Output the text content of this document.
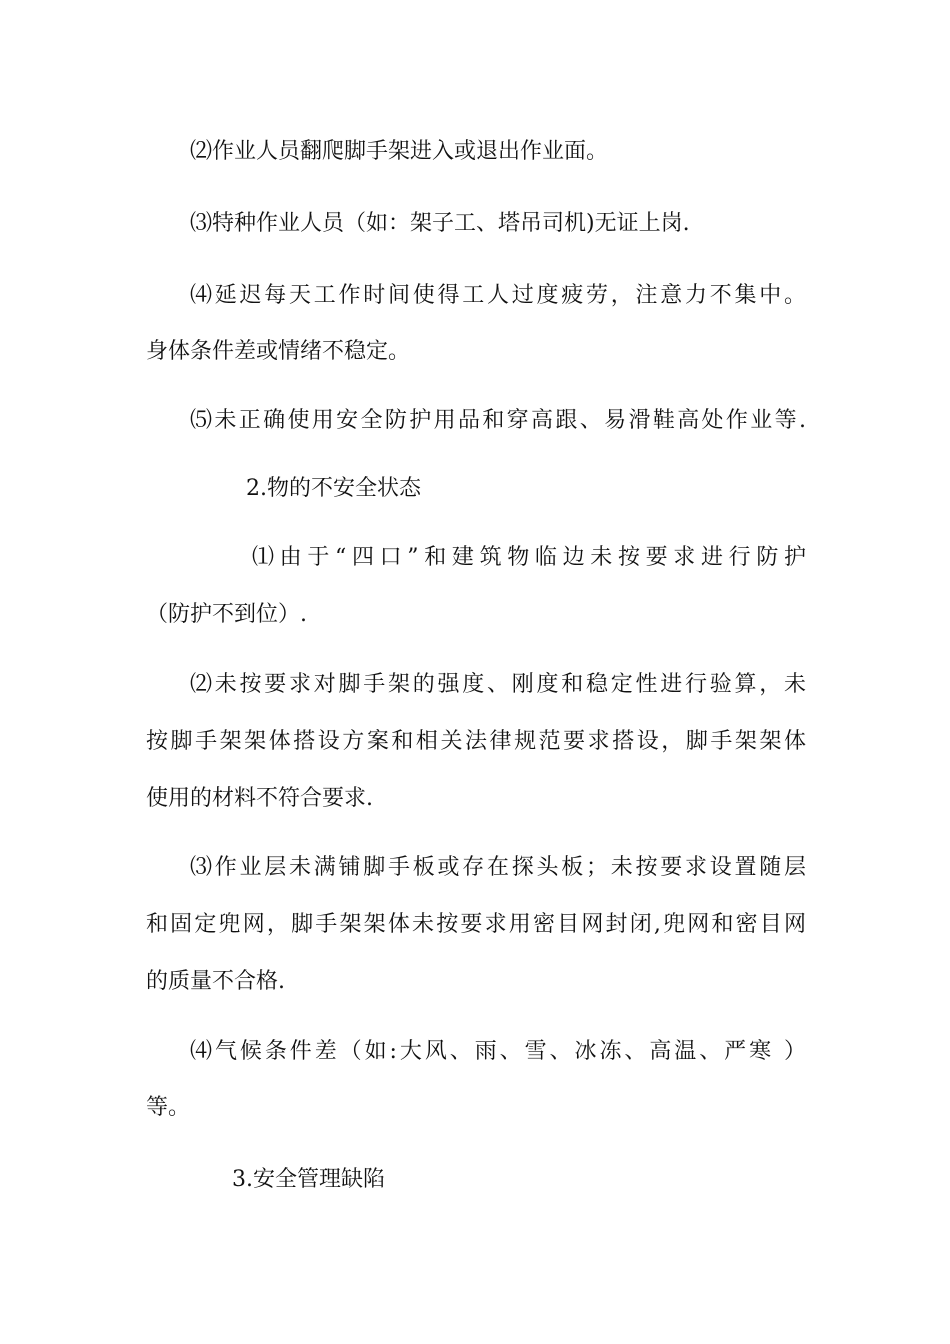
⑵作业人员翻爬脚手架进入或退出作业面。
⑶特种作业人员（如：架子工、塔吊司机)无证上岗.
⑷延迟每天工作时间使得工人过度疲劳，注意力不集中。
身体条件差或情绪不稳定。
⑸未正确使用安全防护用品和穿高跟、易滑鞋高处作业等.
2.物的不安全状态
⑴由于“四口”和建筑物临边未按要求进行防护
（防护不到位）.
⑵未按要求对脚手架的强度、刚度和稳定性进行验算，未
按脚手架架体搭设方案和相关法律规范要求搭设，脚手架架体
使用的材料不符合要求.
⑶作业层未满铺脚手板或存在探头板；未按要求设置随层
和固定兜网，脚手架架体未按要求用密目网封闭,兜网和密目网
的质量不合格.
⑷气候条件差（如:大风、雨、雪、冰冻、高温、严寒 ）
等。
3.安全管理缺陷
